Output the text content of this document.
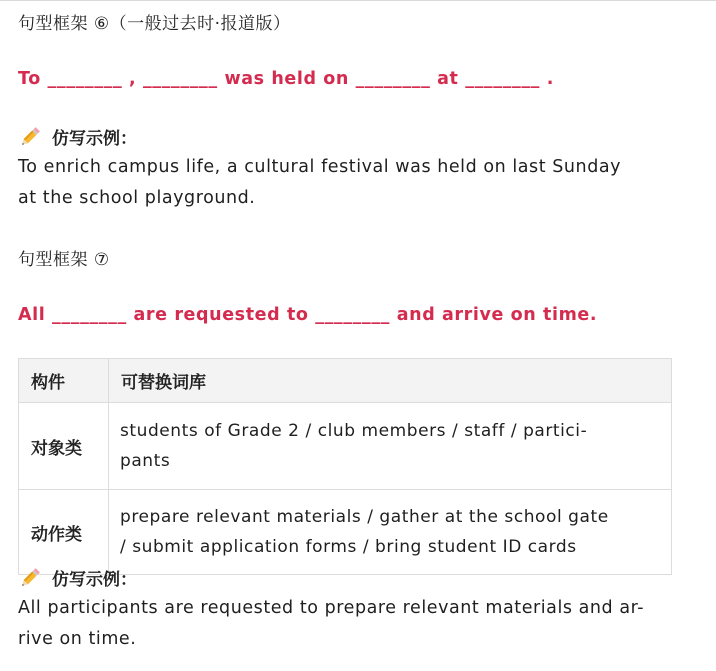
句型框架 ⑥（一般过去时·报道版）
To ________ , ________ was held on ________ at ________ .
仿写示例：
To enrich campus life, a cultural festival was held on last Sunday
at the school playground.
句型框架 ⑦
All ________ are requested to ________ and arrive on time.
构件	可替换词库
对象类	students of Grade 2 / club members / staff / partici-
pants

动作类	prepare relevant materials / gather at the school gate
/ submit application forms / bring student ID cards
仿写示例：
All participants are requested to prepare relevant materials and ar-
rive on time.
